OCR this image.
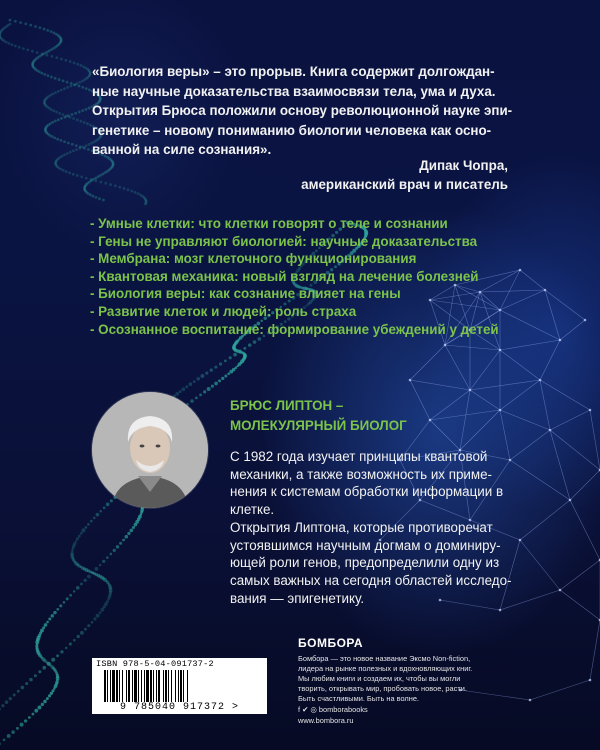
«Биология веры» – это прорыв. Книга содержит долгождан-
ные научные доказательства взаимосвязи тела, ума и духа.
Открытия Брюса положили основу революционной науке эпи-
генетике – новому пониманию биологии человека как осно-
ванной на силе сознания».
Дипак Чопра,
американский врач и писатель
- Умные клетки: что клетки говорят о теле и сознании
- Гены не управляют биологией: научные доказательства
- Мембрана: мозг клеточного функционирования
- Квантовая механика: новый взгляд на лечение болезней
- Биология веры: как сознание влияет на гены
- Развитие клеток и людей: роль страха
- Осознанное воспитание: формирование убеждений у детей
БРЮС ЛИПТОН –
МОЛЕКУЛЯРНЫЙ БИОЛОГ

С 1982 года изучает принципы квантовой механики, а также возможность их приме-нения к системам обработки информации в клетке.

Открытия Липтона, которые противоречат устоявшимся научным догмам о доминиру-ющей роли генов, предопределили одну из самых важных на сегодня областей исследо-вания — эпигенетику.

ISBN 978-5-04-091737-2
9 785040 917372 >
БОМБОРА
Бомбора — это новое название Эксмо Non-fiction,
лидера на рынке полезных и вдохновляющих книг.
Мы любим книги и создаем их, чтобы вы могли
творить, открывать мир, пробовать новое, расти.
Быть счастливыми. Быть на волне.
f ✔ ◎ bomborabooks
www.bombora.ru
